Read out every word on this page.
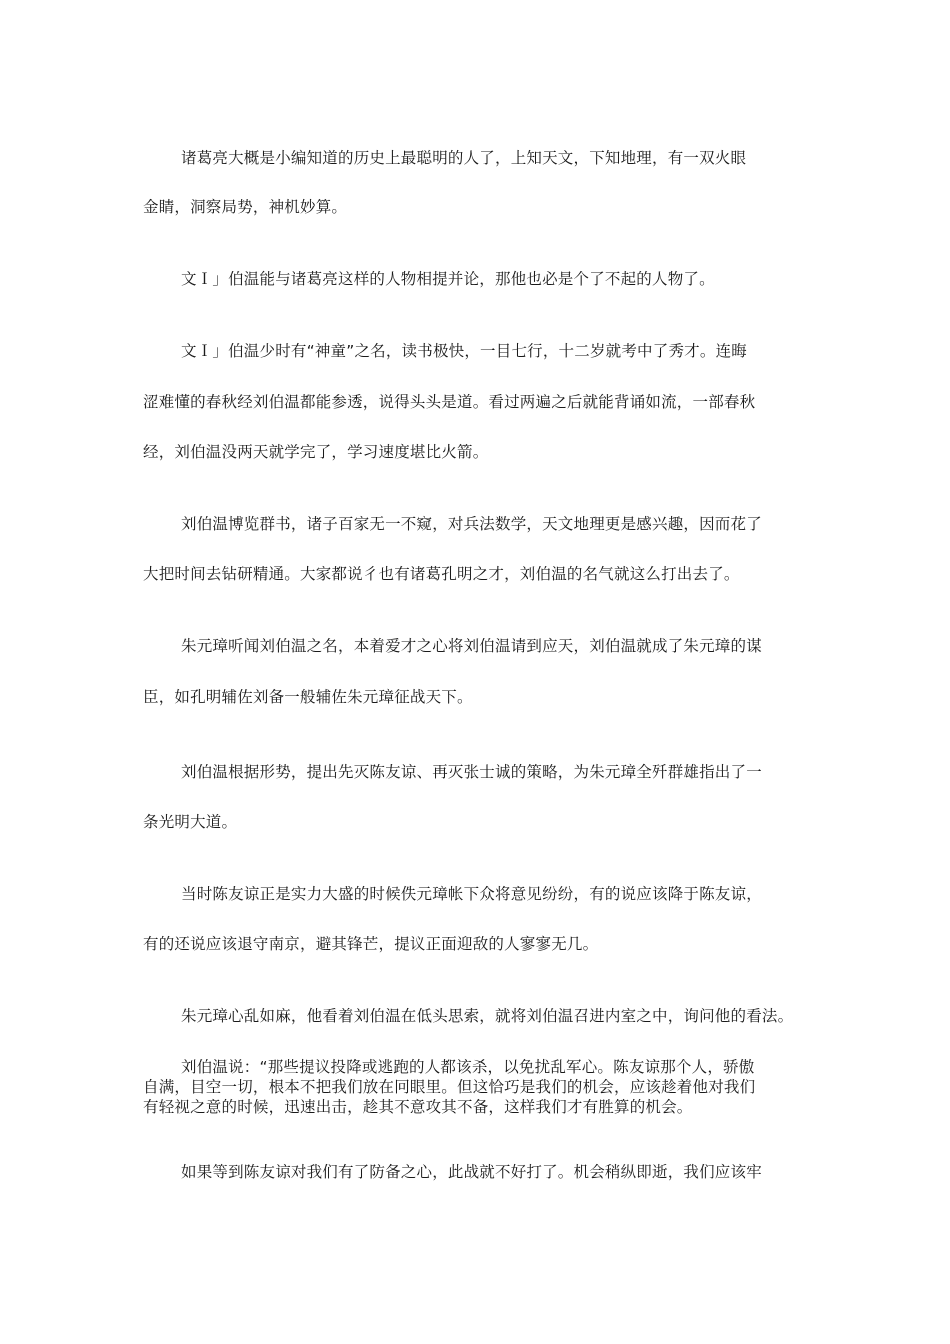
诸葛亮大概是小编知道的历史上最聪明的人了，上知天文，下知地理，有一双火眼
金睛，洞察局势，神机妙算。
文Ｉ」伯温能与诸葛亮这样的人物相提并论，那他也必是个了不起的人物了。
文Ｉ」伯温少时有“神童”之名，读书极快，一目七行，十二岁就考中了秀才。连晦
涩难懂的春秋经刘伯温都能参透，说得头头是道。看过两遍之后就能背诵如流，一部春秋
经，刘伯温没两天就学完了，学习速度堪比火箭。
刘伯温博览群书，诸子百家无一不窥，对兵法数学，天文地理更是感兴趣，因而花了
大把时间去钻研精通。大家都说彳也有诸葛孔明之才，刘伯温的名气就这么打出去了。
朱元璋听闻刘伯温之名，本着爱才之心将刘伯温请到应天，刘伯温就成了朱元璋的谋
臣，如孔明辅佐刘备一般辅佐朱元璋征战天下。
刘伯温根据形势，提出先灭陈友谅、再灭张士诚的策略，为朱元璋全歼群雄指出了一
条光明大道。
当时陈友谅正是实力大盛的时候佚元璋帐下众将意见纷纷，有的说应该降于陈友谅，
有的还说应该退守南京，避其锋芒，提议正面迎敌的人寥寥无几。
朱元璋心乱如麻，他看着刘伯温在低头思索，就将刘伯温召进内室之中，询问他的看法。
刘伯温说：“那些提议投降或逃跑的人都该杀，以免扰乱军心。陈友谅那个人，骄傲
自满，目空一切，根本不把我们放在冋眼里。但这恰巧是我们的机会，应该趁着他对我们
有轻视之意的时候，迅速出击，趁其不意攻其不备，这样我们才有胜算的机会。
如果等到陈友谅对我们有了防备之心，此战就不好打了。机会稍纵即逝，我们应该牢
